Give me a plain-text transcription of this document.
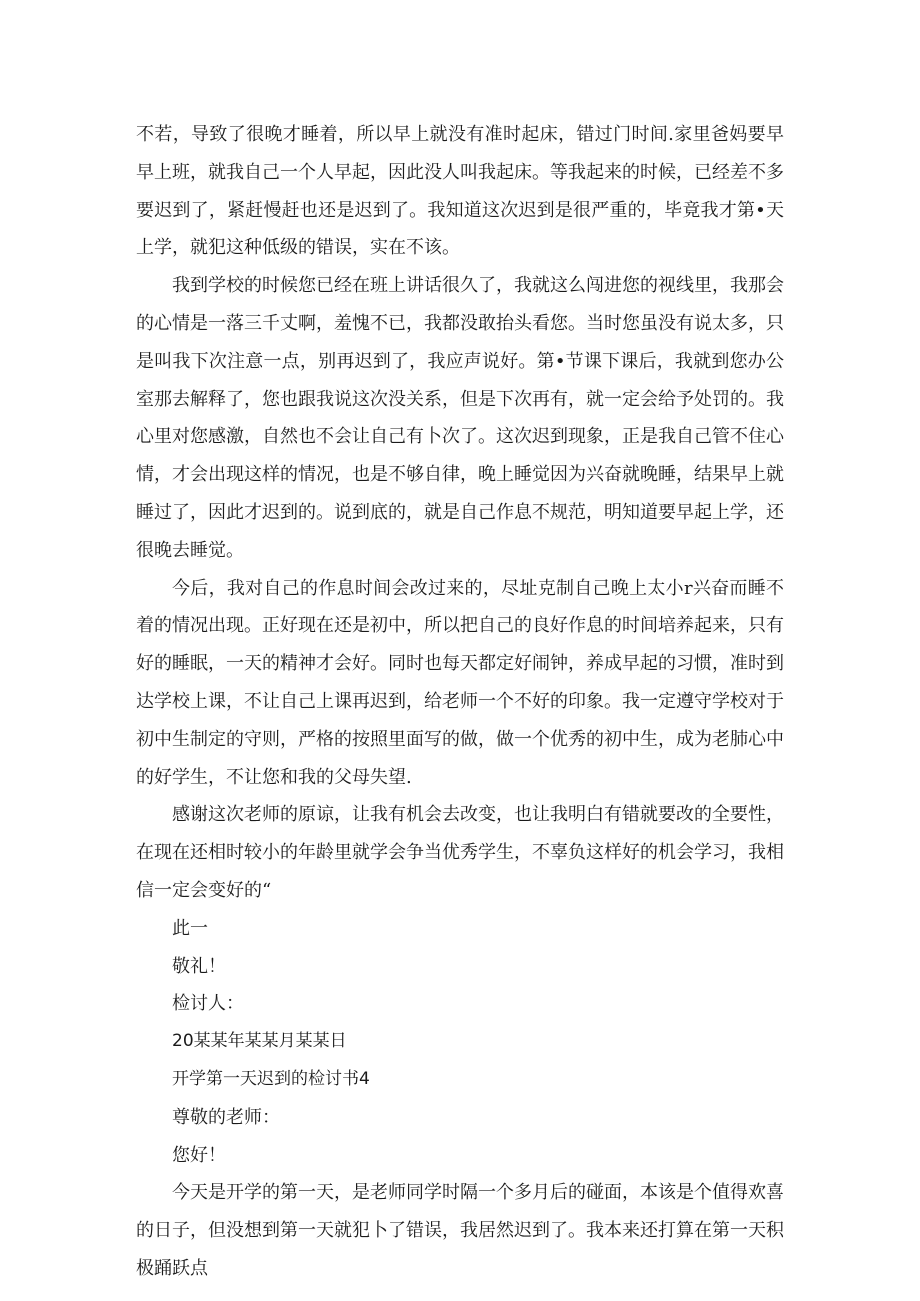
不若，导致了很晚才睡着，所以早上就没有准时起床，错过门时间.家里爸妈要早早上班，就我自己一个人早起，因此没人叫我起床。等我起来的时候，已经差不多要迟到了，紧赶慢赶也还是迟到了。我知道这次迟到是很严重的，毕竟我才第•天上学，就犯这种低级的错误，实在不该。

我到学校的时候您已经在班上讲话很久了，我就这么闯进您的视线里，我那会的心情是一落三千丈啊，羞愧不已，我都没敢抬头看您。当时您虽没有说太多，只是叫我下次注意一点，别再迟到了，我应声说好。第•节课下课后，我就到您办公室那去解释了，您也跟我说这次没关系，但是下次再有，就一定会给予处罚的。我心里对您感激，自然也不会让自己有卜次了。这次迟到现象，正是我自己管不住心情，才会出现这样的情况，也是不够自律，晚上睡觉因为兴奋就晚睡，结果早上就睡过了，因此才迟到的。说到底的，就是自己作息不规范，明知道要早起上学，还很晚去睡觉。

今后，我对自己的作息时间会改过来的，尽址克制自己晚上太小r兴奋而睡不着的情况出现。正好现在还是初中，所以把自己的良好作息的时间培养起来，只有好的睡眠，一天的精神才会好。同时也每天都定好闹钟，养成早起的习惯，准时到达学校上课，不让自己上课再迟到，给老师一个不好的印象。我一定遵守学校对于初中生制定的守则，严格的按照里面写的做，做一个优秀的初中生，成为老肺心中的好学生，不让您和我的父母失望.

感谢这次老师的原谅，让我有机会去改变，也让我明白有错就要改的全要性，在现在还相时较小的年龄里就学会争当优秀学生，不辜负这样好的机会学习，我相信一定会变好的“

此一

敬礼！

检讨人：

20某某年某某月某某日

开学第一天迟到的检讨书4

尊敬的老师：

您好！

今天是开学的第一天，是老师同学时隔一个多月后的碰面，本该是个值得欢喜的日子，但没想到第一天就犯卜了错误，我居然迟到了。我本来还打算在第一天积极踊跃点
